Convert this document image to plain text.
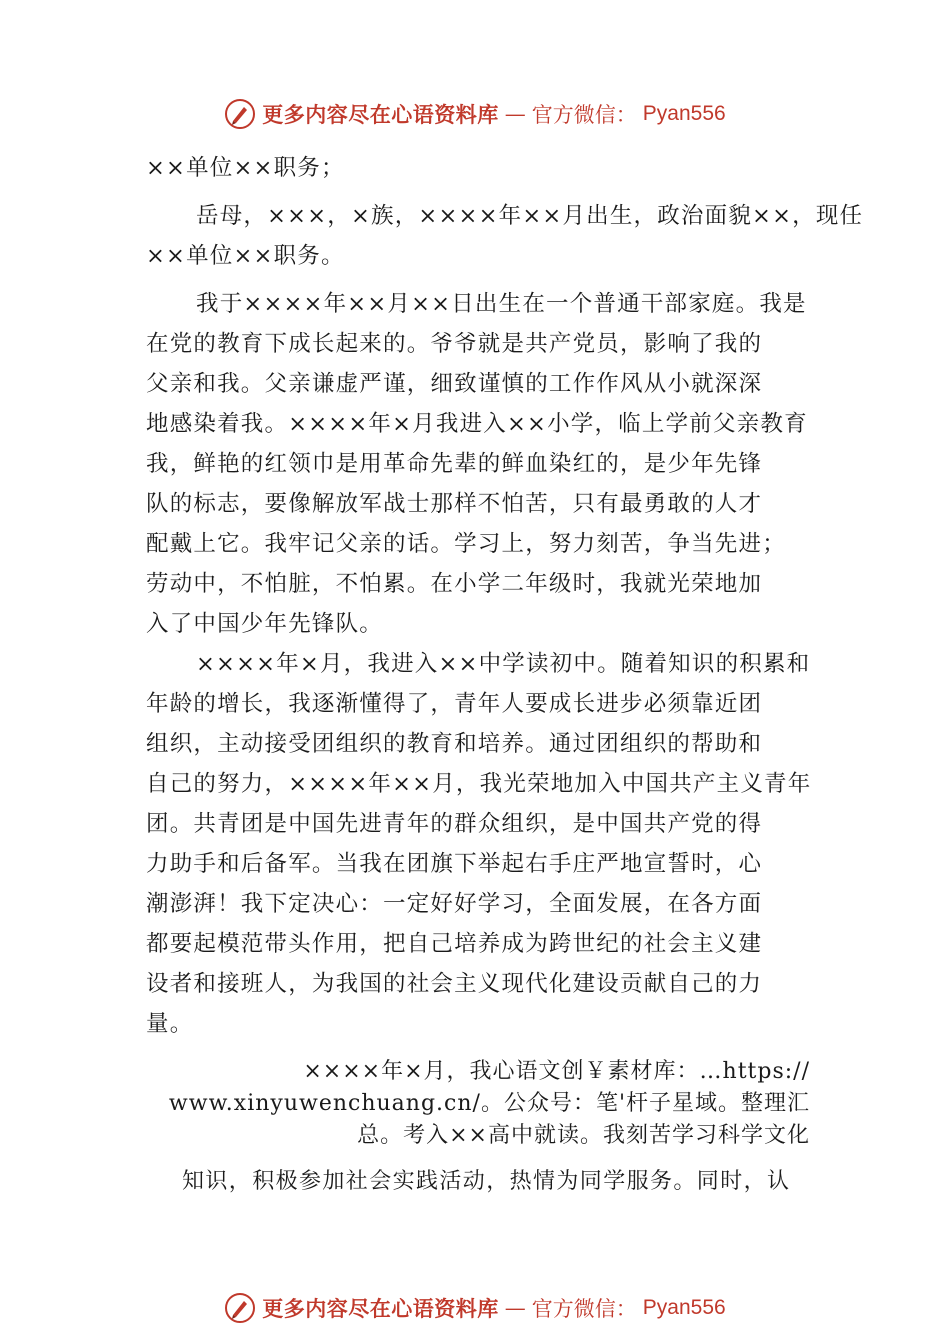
更多内容尽在心语资料库 — 官方微信： Pyan556
××单位××职务；
岳母，×××，×族，××××年××月出生，政治面貌××，现任
××单位××职务。
我于××××年××月××日出生在一个普通干部家庭。我是
在党的教育下成长起来的。爷爷就是共产党员，影响了我的
父亲和我。父亲谦虚严谨，细致谨慎的工作作风从小就深深
地感染着我。××××年×月我进入××小学，临上学前父亲教育
我，鲜艳的红领巾是用革命先辈的鲜血染红的，是少年先锋
队的标志，要像解放军战士那样不怕苦，只有最勇敢的人才
配戴上它。我牢记父亲的话。学习上，努力刻苦，争当先进；
劳动中，不怕脏，不怕累。在小学二年级时，我就光荣地加
入了中国少年先锋队。
××××年×月，我进入××中学读初中。随着知识的积累和
年龄的增长，我逐渐懂得了，青年人要成长进步必须靠近团
组织，主动接受团组织的教育和培养。通过团组织的帮助和
自己的努力，××××年××月，我光荣地加入中国共产主义青年
团。共青团是中国先进青年的群众组织，是中国共产党的得
力助手和后备军。当我在团旗下举起右手庄严地宣誓时，心
潮澎湃！我下定决心：一定好好学习，全面发展，在各方面
都要起模范带头作用，把自己培养成为跨世纪的社会主义建
设者和接班人，为我国的社会主义现代化建设贡献自己的力
量。
××××年×月，我心语文创￥素材库：…https://
www.xinyuwenchuang.cn/。公众号：笔'杆子星域。整理汇
总。考入××高中就读。我刻苦学习科学文化
知识，积极参加社会实践活动，热情为同学服务。同时，认
更多内容尽在心语资料库 — 官方微信： Pyan556
